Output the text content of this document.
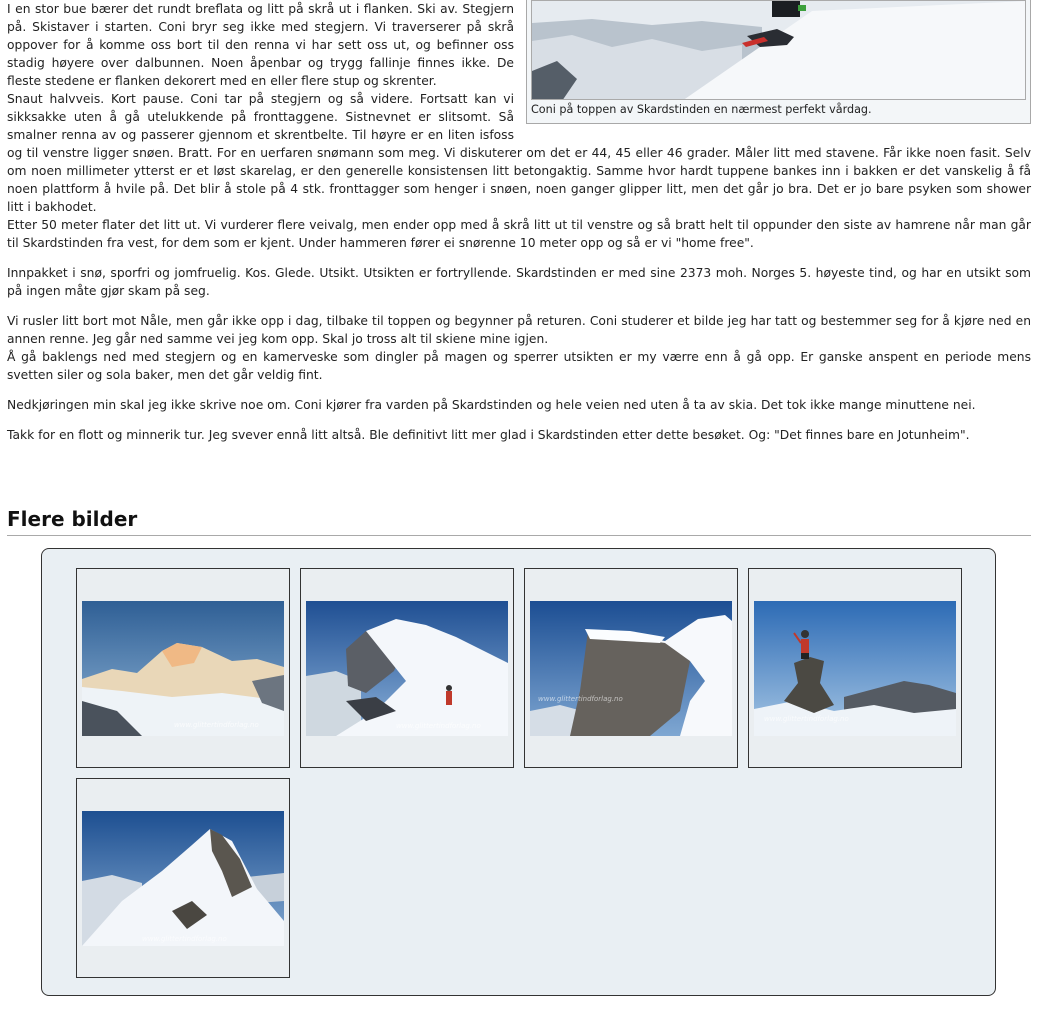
Coni på toppen av Skardstinden en nærmest perfekt vårdag.

I en stor bue bærer det rundt breflata og litt på skrå ut i flanken. Ski av. Stegjern på. Skistaver i starten. Coni bryr seg ikke med stegjern. Vi traverserer på skrå oppover for å komme oss bort til den renna vi har sett oss ut, og befinner oss stadig høyere over dalbunnen. Noen åpenbar og trygg fallinje finnes ikke. De fleste stedene er flanken dekorert med en eller flere stup og skrenter.
Snaut halvveis. Kort pause. Coni tar på stegjern og så videre. Fortsatt kan vi sikksakke uten å gå utelukkende på fronttaggene. Sistnevnet er slitsomt. Så smalner renna av og passerer gjennom et skrentbelte. Til høyre er en liten isfoss og til venstre ligger snøen. Bratt. For en uerfaren snømann som meg. Vi diskuterer om det er 44, 45 eller 46 grader. Måler litt med stavene. Får ikke noen fasit. Selv om noen millimeter ytterst er et løst skarelag, er den generelle konsistensen litt betongaktig. Samme hvor hardt tuppene bankes inn i bakken er det vanskelig å få noen plattform å hvile på. Det blir å stole på 4 stk. fronttagger som henger i snøen, noen ganger glipper litt, men det går jo bra. Det er jo bare psyken som shower litt i bakhodet.
Etter 50 meter flater det litt ut. Vi vurderer flere veivalg, men ender opp med å skrå litt ut til venstre og så bratt helt til oppunder den siste av hamrene når man går til Skardstinden fra vest, for dem som er kjent. Under hammeren fører ei snørenne 10 meter opp og så er vi "home free".

Innpakket i snø, sporfri og jomfruelig. Kos. Glede. Utsikt. Utsikten er fortryllende. Skardstinden er med sine 2373 moh. Norges 5. høyeste tind, og har en utsikt som på ingen måte gjør skam på seg.

Vi rusler litt bort mot Nåle, men går ikke opp i dag, tilbake til toppen og begynner på returen. Coni studerer et bilde jeg har tatt og bestemmer seg for å kjøre ned en annen renne. Jeg går ned samme vei jeg kom opp. Skal jo tross alt til skiene mine igjen.
Å gå baklengs ned med stegjern og en kamerveske som dingler på magen og sperrer utsikten er my værre enn å gå opp. Er ganske anspent en periode mens svetten siler og sola baker, men det går veldig fint.

Nedkjøringen min skal jeg ikke skrive noe om. Coni kjører fra varden på Skardstinden og hele veien ned uten å ta av skia. Det tok ikke mange minuttene nei.

Takk for en flott og minnerik tur. Jeg svever ennå litt altså. Ble definitivt litt mer glad i Skardstinden etter dette besøket. Og: "Det finnes bare en Jotunheim".

Flere bilder
www.glittertindforlag.no	www.glittertindforlag.no
www.glittertindforlag.no
www.glittertindforlag.no
www.glittertindforlag.no
